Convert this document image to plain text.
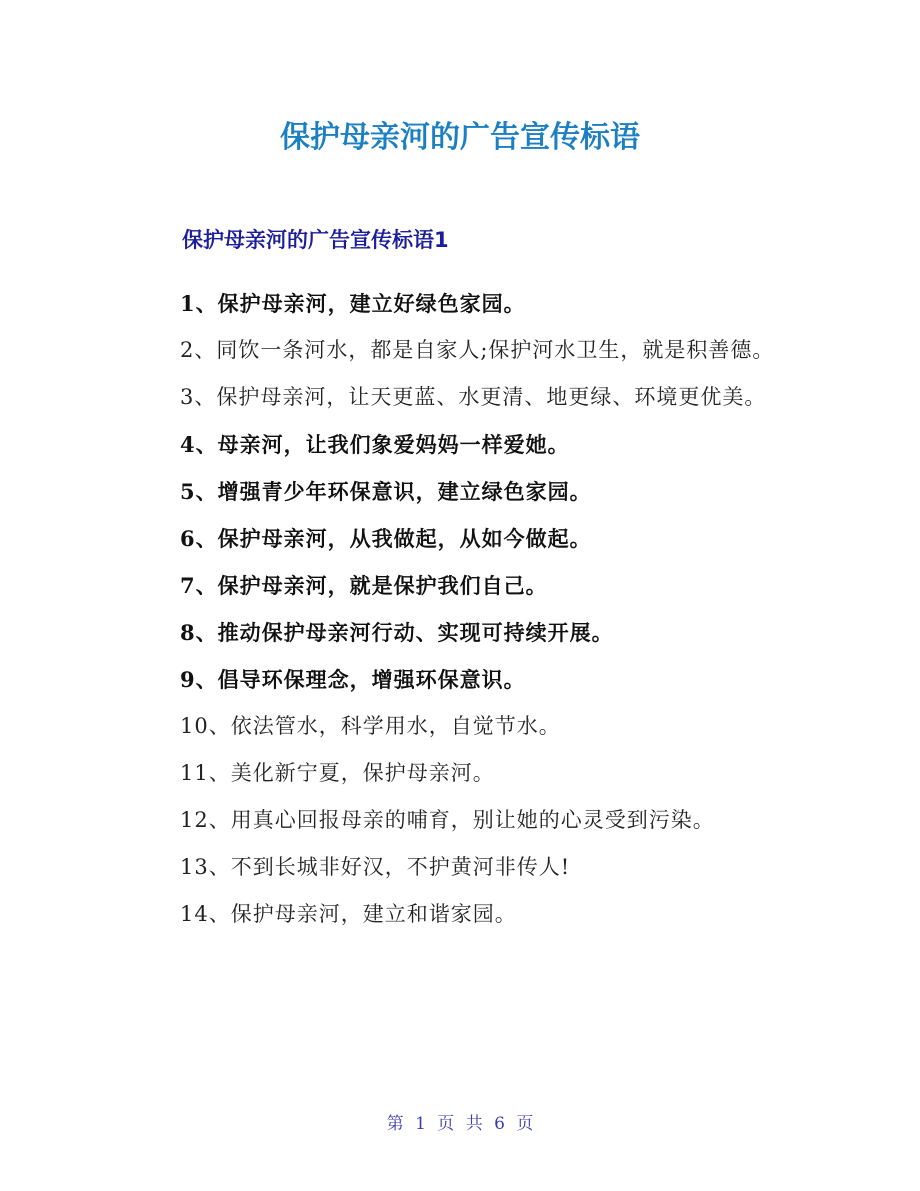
保护母亲河的广告宣传标语
保护母亲河的广告宣传标语1
1、保护母亲河，建立好绿色家园。
2、同饮一条河水，都是自家人;保护河水卫生，就是积善德。
3、保护母亲河，让天更蓝、水更清、地更绿、环境更优美。
4、母亲河，让我们象爱妈妈一样爱她。
5、增强青少年环保意识，建立绿色家园。
6、保护母亲河，从我做起，从如今做起。
7、保护母亲河，就是保护我们自己。
8、推动保护母亲河行动、实现可持续开展。
9、倡导环保理念，增强环保意识。
10、依法管水，科学用水，自觉节水。
11、美化新宁夏，保护母亲河。
12、用真心回报母亲的哺育，别让她的心灵受到污染。
13、不到长城非好汉，不护黄河非传人!
14、保护母亲河，建立和谐家园。
第 1 页 共 6 页
